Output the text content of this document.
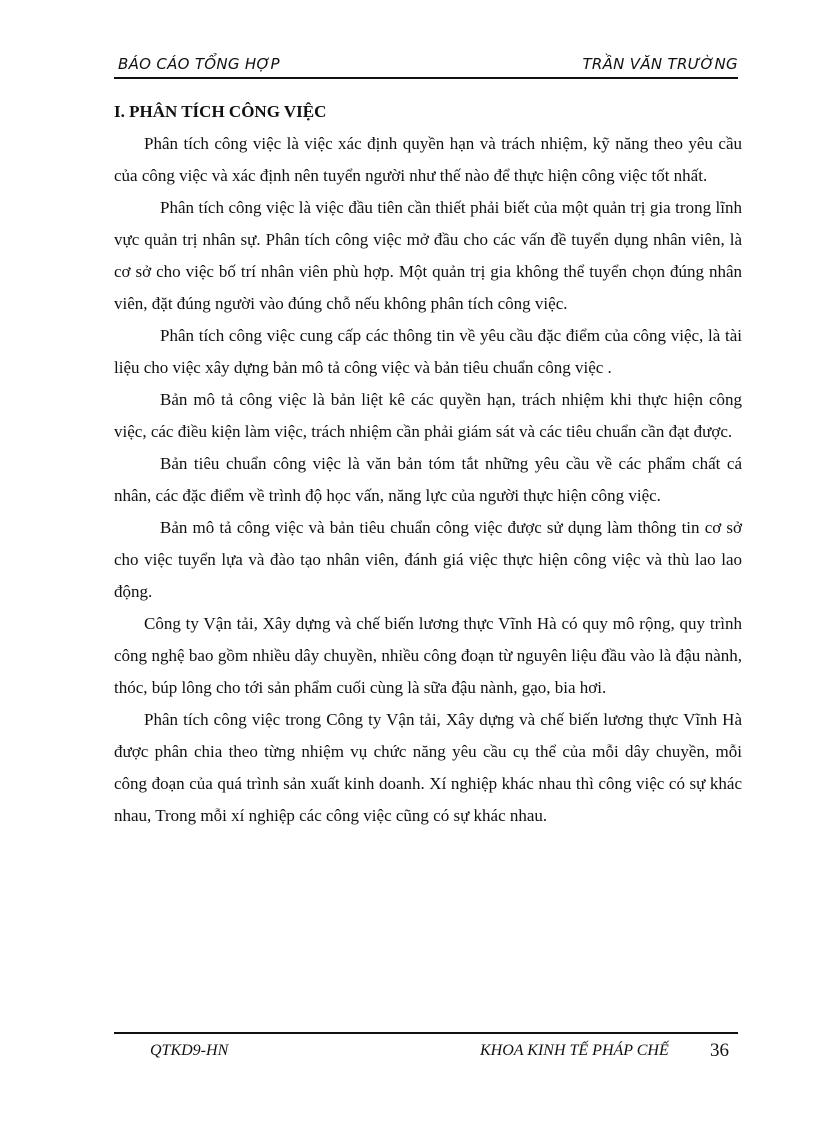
BÁO CÁO TỔNG HỢP	TRẦN VĂN TRƯỜNG
I. PHÂN TÍCH CÔNG VIỆC

Phân tích công việc là việc xác định quyền hạn và trách nhiệm, kỹ năng theo yêu cầu của công việc và xác định nên tuyển người như thế nào để thực hiện công việc tốt nhất.

Phân tích công việc là việc đầu tiên cần thiết phải biết của một quản trị gia trong lĩnh vực quản trị nhân sự. Phân tích công việc mở đầu cho các vấn đề tuyển dụng nhân viên, là cơ sở cho việc bố trí nhân viên phù hợp. Một quản trị gia không thể tuyển chọn đúng nhân viên, đặt đúng người vào đúng chỗ nếu không phân tích công việc.

Phân tích công việc cung cấp các thông tin về yêu cầu đặc điểm của công việc, là tài liệu cho việc xây dựng bản mô tả công việc và bản tiêu chuẩn công việc .

Bản mô tả công việc là bản liệt kê các quyền hạn, trách nhiệm khi thực hiện công việc, các điều kiện làm việc, trách nhiệm cần phải giám sát và các tiêu chuẩn cần đạt được.

Bản tiêu chuẩn công việc là văn bản tóm tắt những yêu cầu về các phẩm chất cá nhân, các đặc điểm về trình độ học vấn, năng lực của người thực hiện công việc.

Bản mô tả công việc và bản tiêu chuẩn công việc được sử dụng làm thông tin cơ sở cho việc tuyển lựa và đào tạo nhân viên, đánh giá việc thực hiện công việc và thù lao lao động.

Công ty Vận tải, Xây dựng và chế biến lương thực Vĩnh Hà có quy mô rộng, quy trình công nghệ bao gồm nhiều dây chuyền, nhiều công đoạn từ nguyên liệu đầu vào là đậu nành, thóc, búp lông cho tới sản phẩm cuối cùng là sữa đậu nành, gạo, bia hơi.

Phân tích công việc trong Công ty Vận tải, Xây dựng và chế biến lương thực Vĩnh Hà được phân chia theo từng nhiệm vụ chức năng yêu cầu cụ thể của mỗi dây chuyền, mỗi công đoạn của quá trình sản xuất kinh doanh. Xí nghiệp khác nhau thì công việc có sự khác nhau, Trong mỗi xí nghiệp các công việc cũng có sự khác nhau.

QTKD9-HN	KHOA KINH TẾ PHÁP CHẾ 36
